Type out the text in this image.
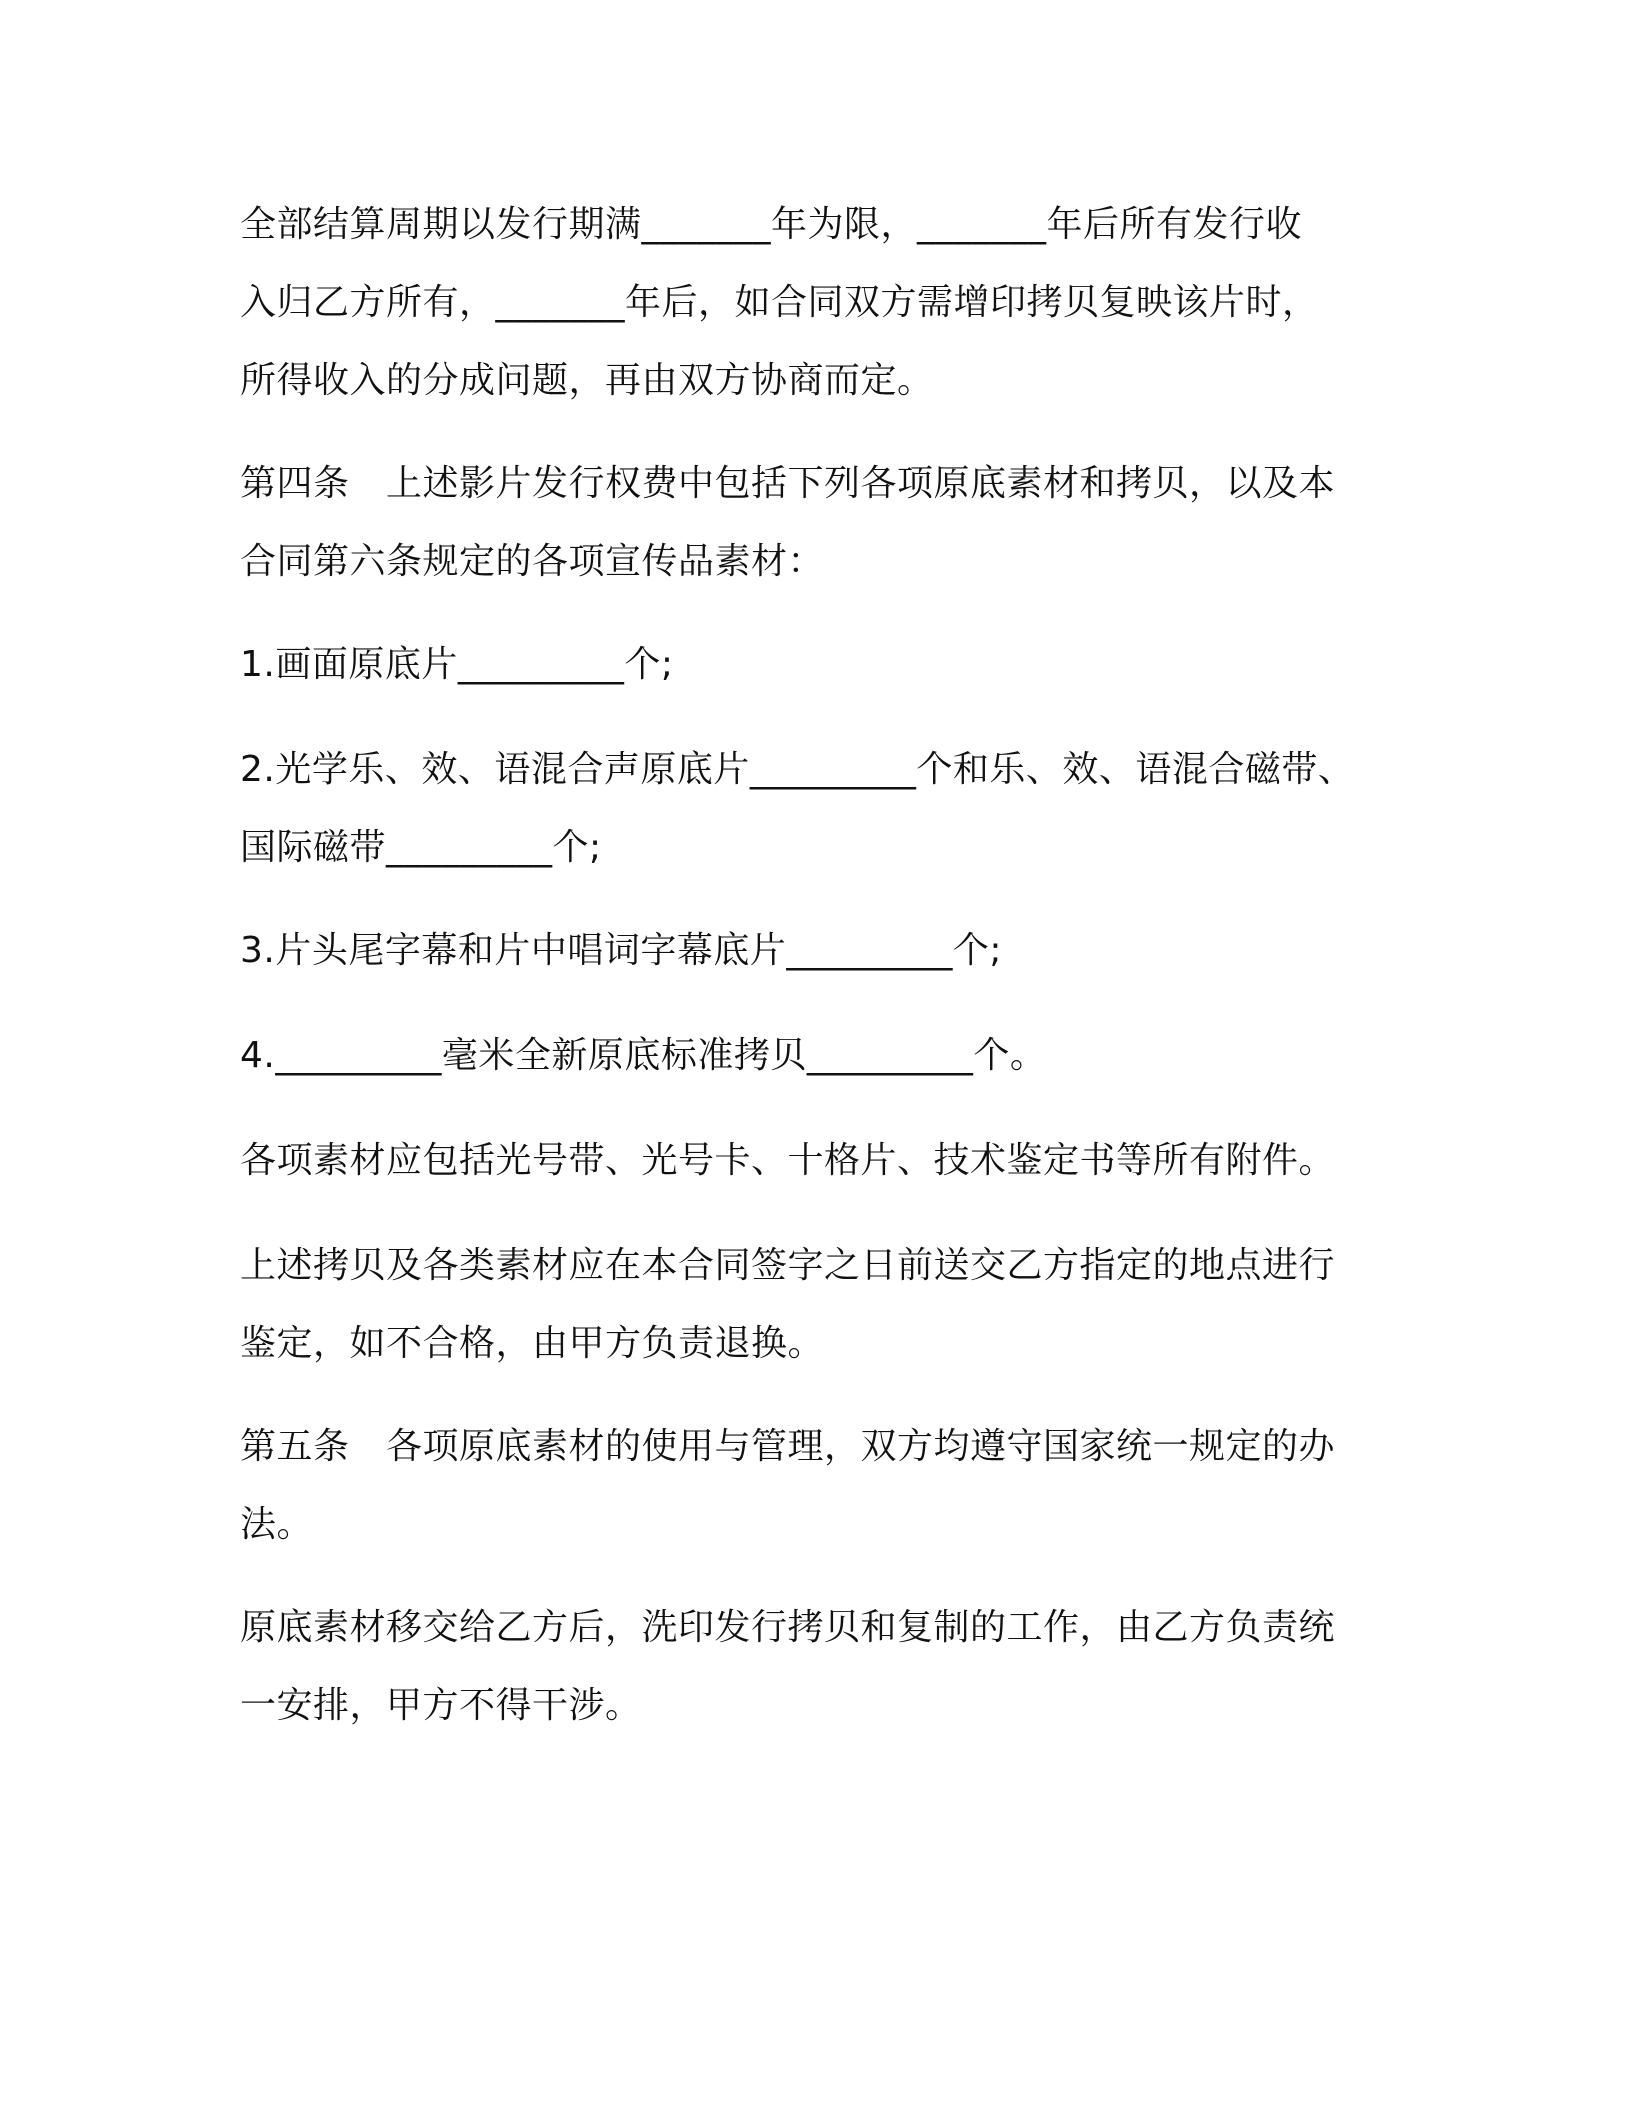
全部结算周期以发行期满_______年为限，_______年后所有发行收
入归乙方所有，_______年后，如合同双方需增印拷贝复映该片时，
所得收入的分成问题，再由双方协商而定。

第四条　上述影片发行权费中包括下列各项原底素材和拷贝，以及本
合同第六条规定的各项宣传品素材：

1.画面原底片_________个;

2.光学乐、效、语混合声原底片_________个和乐、效、语混合磁带、
国际磁带_________个;

3.片头尾字幕和片中唱词字幕底片_________个;

4._________毫米全新原底标准拷贝_________个。

各项素材应包括光号带、光号卡、十格片、技术鉴定书等所有附件。

上述拷贝及各类素材应在本合同签字之日前送交乙方指定的地点进行
鉴定，如不合格，由甲方负责退换。

第五条　各项原底素材的使用与管理，双方均遵守国家统一规定的办
法。

原底素材移交给乙方后，洗印发行拷贝和复制的工作，由乙方负责统
一安排，甲方不得干涉。
